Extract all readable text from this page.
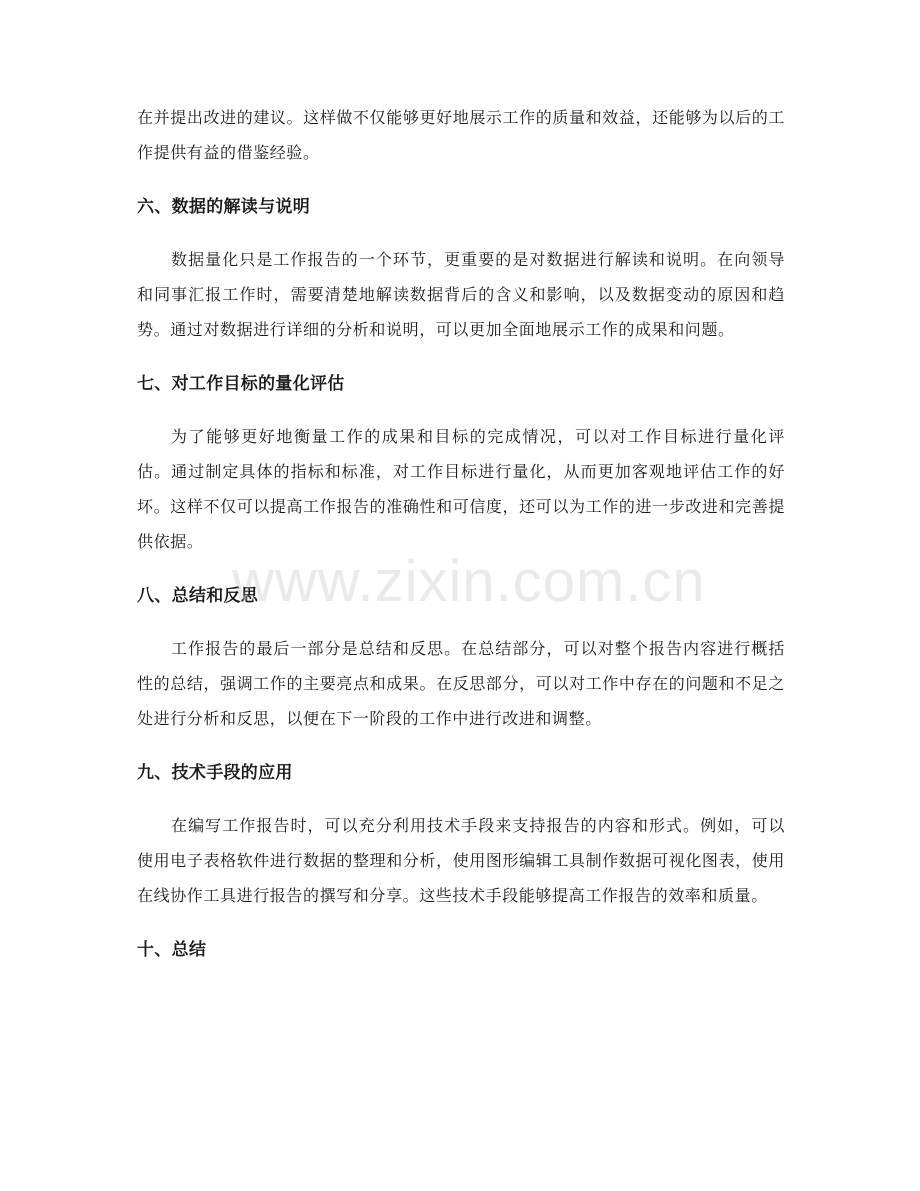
在并提出改进的建议。这样做不仅能够更好地展示工作的质量和效益，还能够为以后的工作提供有益的借鉴经验。

六、数据的解读与说明

数据量化只是工作报告的一个环节，更重要的是对数据进行解读和说明。在向领导和同事汇报工作时，需要清楚地解读数据背后的含义和影响，以及数据变动的原因和趋势。通过对数据进行详细的分析和说明，可以更加全面地展示工作的成果和问题。

七、对工作目标的量化评估

为了能够更好地衡量工作的成果和目标的完成情况，可以对工作目标进行量化评估。通过制定具体的指标和标准，对工作目标进行量化，从而更加客观地评估工作的好坏。这样不仅可以提高工作报告的准确性和可信度，还可以为工作的进一步改进和完善提供依据。

八、总结和反思

工作报告的最后一部分是总结和反思。在总结部分，可以对整个报告内容进行概括性的总结，强调工作的主要亮点和成果。在反思部分，可以对工作中存在的问题和不足之处进行分析和反思，以便在下一阶段的工作中进行改进和调整。

九、技术手段的应用

在编写工作报告时，可以充分利用技术手段来支持报告的内容和形式。例如，可以使用电子表格软件进行数据的整理和分析，使用图形编辑工具制作数据可视化图表，使用在线协作工具进行报告的撰写和分享。这些技术手段能够提高工作报告的效率和质量。

十、总结
www.zixin.com.cn
